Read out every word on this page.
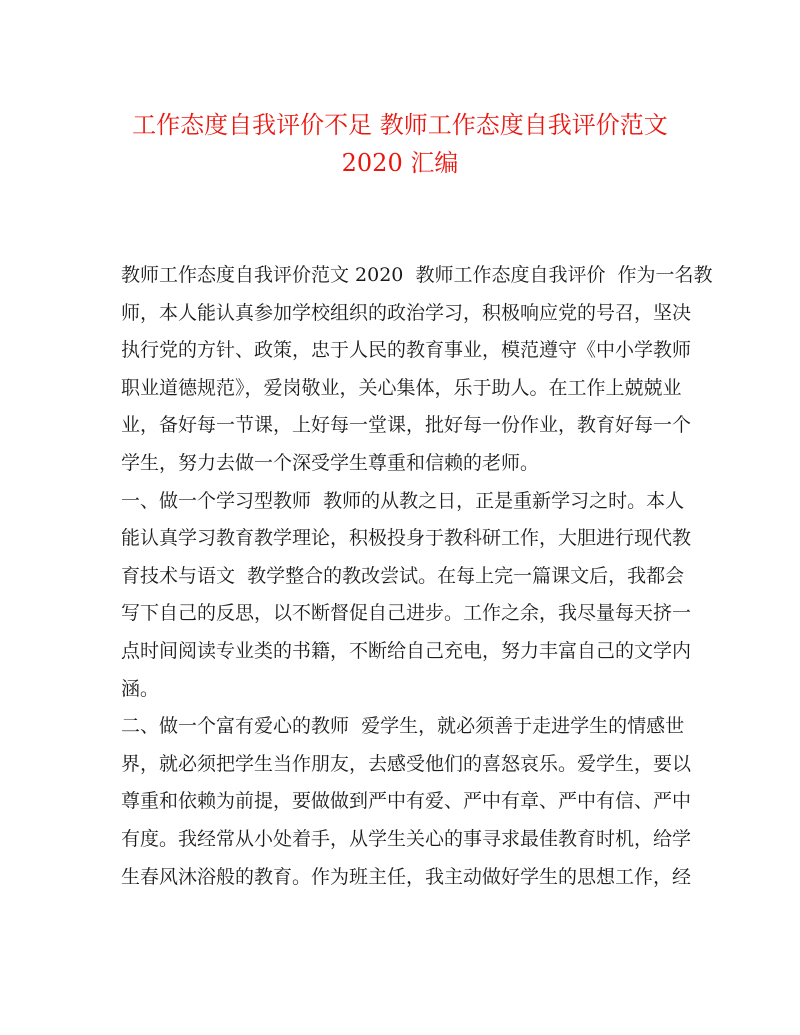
工作态度自我评价不足 教师工作态度自我评价范文
2020 汇编
教师工作态度自我评价范文 2020  教师工作态度自我评价  作为一名教
师，本人能认真参加学校组织的政治学习，积极响应党的号召，坚决
执行党的方针、政策，忠于人民的教育事业，模范遵守《中小学教师
职业道德规范》，爱岗敬业，关心集体，乐于助人。在工作上兢兢业
业，备好每一节课，上好每一堂课，批好每一份作业，教育好每一个
学生，努力去做一个深受学生尊重和信赖的老师。
一、做一个学习型教师  教师的从教之日，正是重新学习之时。本人
能认真学习教育教学理论，积极投身于教科研工作，大胆进行现代教
育技术与语文  教学整合的教改尝试。在每上完一篇课文后，我都会
写下自己的反思，以不断督促自己进步。工作之余，我尽量每天挤一
点时间阅读专业类的书籍，不断给自己充电，努力丰富自己的文学内
涵。
二、做一个富有爱心的教师  爱学生，就必须善于走进学生的情感世
界，就必须把学生当作朋友，去感受他们的喜怒哀乐。爱学生，要以
尊重和依赖为前提，要做做到严中有爱、严中有章、严中有信、严中
有度。我经常从小处着手，从学生关心的事寻求最佳教育时机，给学
生春风沐浴般的教育。作为班主任，我主动做好学生的思想工作，经
